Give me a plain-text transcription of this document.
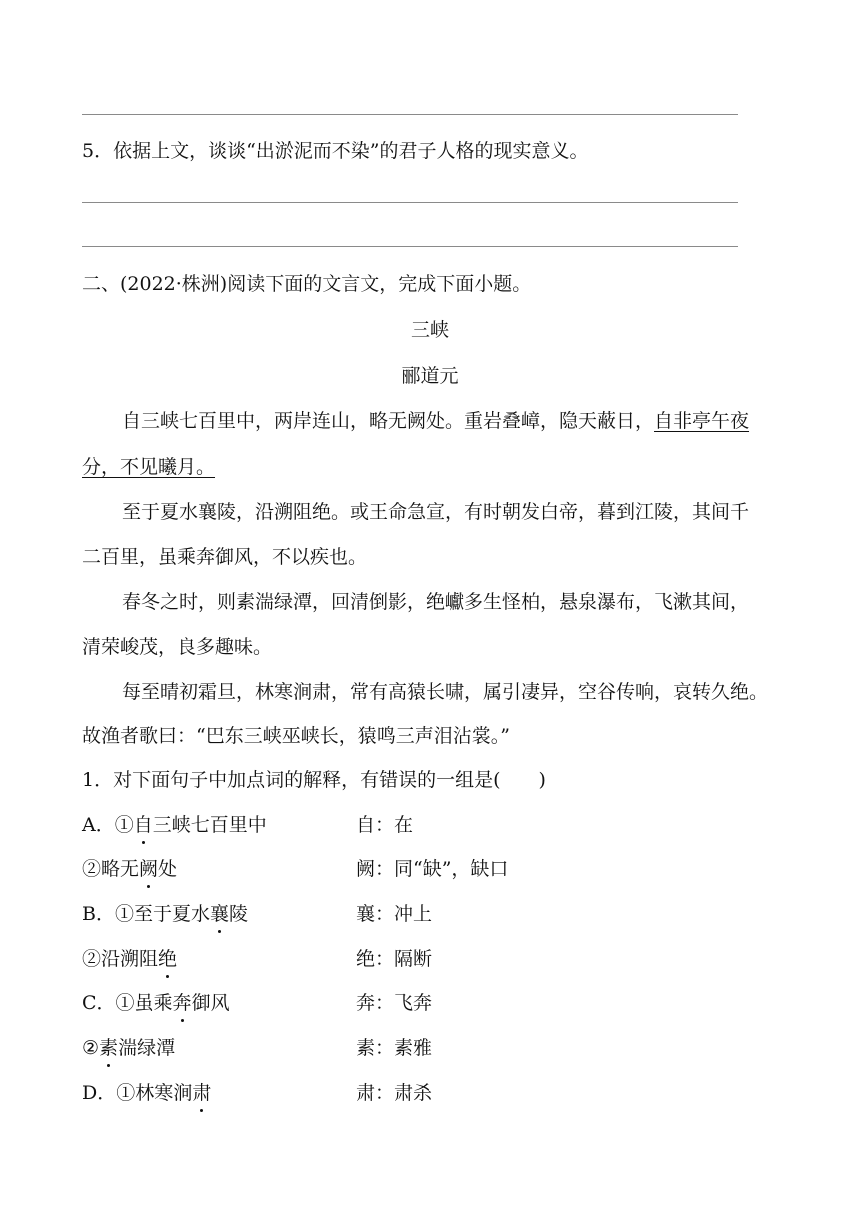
5．依据上文，谈谈“出淤泥而不染”的君子人格的现实意义。
二、(2022·株洲)阅读下面的文言文，完成下面小题。
三峡
郦道元
自三峡七百里中，两岸连山，略无阙处。重岩叠嶂，隐天蔽日，自非亭午夜
分，不见曦月。
至于夏水襄陵，沿溯阻绝。或王命急宣，有时朝发白帝，暮到江陵，其间千
二百里，虽乘奔御风，不以疾也。
春冬之时，则素湍绿潭，回清倒影，绝巘多生怪柏，悬泉瀑布，飞漱其间，
清荣峻茂，良多趣味。
每至晴初霜旦，林寒涧肃，常有高猿长啸，属引凄异，空谷传响，哀转久绝。
故渔者歌曰：“巴东三峡巫峡长，猿鸣三声泪沾裳。”
1．对下面句子中加点词的解释，有错误的一组是(　　)
A．①自三峡七百里中	自：在
②略无阙处	阙：同“缺”，缺口
B．①至于夏水襄陵	襄：冲上
②沿溯阻绝	绝：隔断
C．①虽乘奔御风	奔：飞奔
②素湍绿潭	素：素雅
D．①林寒涧肃	肃：肃杀
